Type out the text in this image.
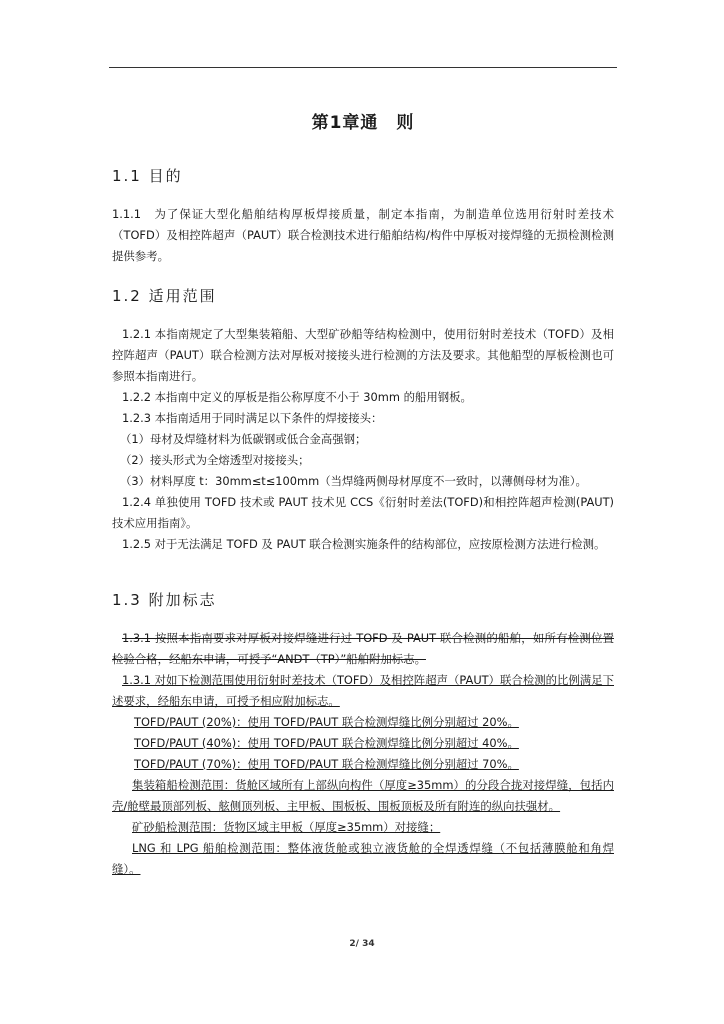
第1章通　则
1.1 目的

1.1.1　为了保证大型化船舶结构厚板焊接质量，制定本指南，为制造单位选用衍射时差技术（TOFD）及相控阵超声（PAUT）联合检测技术进行船舶结构/构件中厚板对接焊缝的无损检测检测提供参考。

1.2 适用范围

1.2.1 本指南规定了大型集装箱船、大型矿砂船等结构检测中，使用衍射时差技术（TOFD）及相控阵超声（PAUT）联合检测方法对厚板对接接头进行检测的方法及要求。其他船型的厚板检测也可参照本指南进行。

1.2.2 本指南中定义的厚板是指公称厚度不小于 30mm 的船用钢板。

1.2.3 本指南适用于同时满足以下条件的焊接接头：

（1）母材及焊缝材料为低碳钢或低合金高强钢；

（2）接头形式为全熔透型对接接头；

（3）材料厚度 t：30mm≤t≤100mm（当焊缝两侧母材厚度不一致时，以薄侧母材为准）。

1.2.4 单独使用 TOFD 技术或 PAUT 技术见 CCS《衍射时差法(TOFD)和相控阵超声检测(PAUT)技术应用指南》。

1.2.5 对于无法满足 TOFD 及 PAUT 联合检测实施条件的结构部位，应按原检测方法进行检测。

1.3 附加标志

1.3.1 按照本指南要求对厚板对接焊缝进行过 TOFD 及 PAUT 联合检测的船舶，如所有检测位置检验合格，经船东申请，可授予“ANDT（TP）”船舶附加标志。

1.3.1 对如下检测范围使用衍射时差技术（TOFD）及相控阵超声（PAUT）联合检测的比例满足下述要求，经船东申请，可授予相应附加标志。

TOFD/PAUT (20%)：使用 TOFD/PAUT 联合检测焊缝比例分别超过 20%。

TOFD/PAUT (40%)：使用 TOFD/PAUT 联合检测焊缝比例分别超过 40%。

TOFD/PAUT (70%)：使用 TOFD/PAUT 联合检测焊缝比例分别超过 70%。

集装箱船检测范围：货舱区域所有上部纵向构件（厚度≥35mm）的分段合拢对接焊缝，包括内壳/舱壁最顶部列板、舷侧顶列板、主甲板、围板板、围板顶板及所有附连的纵向扶强材。

矿砂船检测范围：货物区域主甲板（厚度≥35mm）对接缝；

LNG 和 LPG 船舶检测范围：整体液货舱或独立液货舱的全焊透焊缝（不包括薄膜舱和角焊缝）。

2/ 34
